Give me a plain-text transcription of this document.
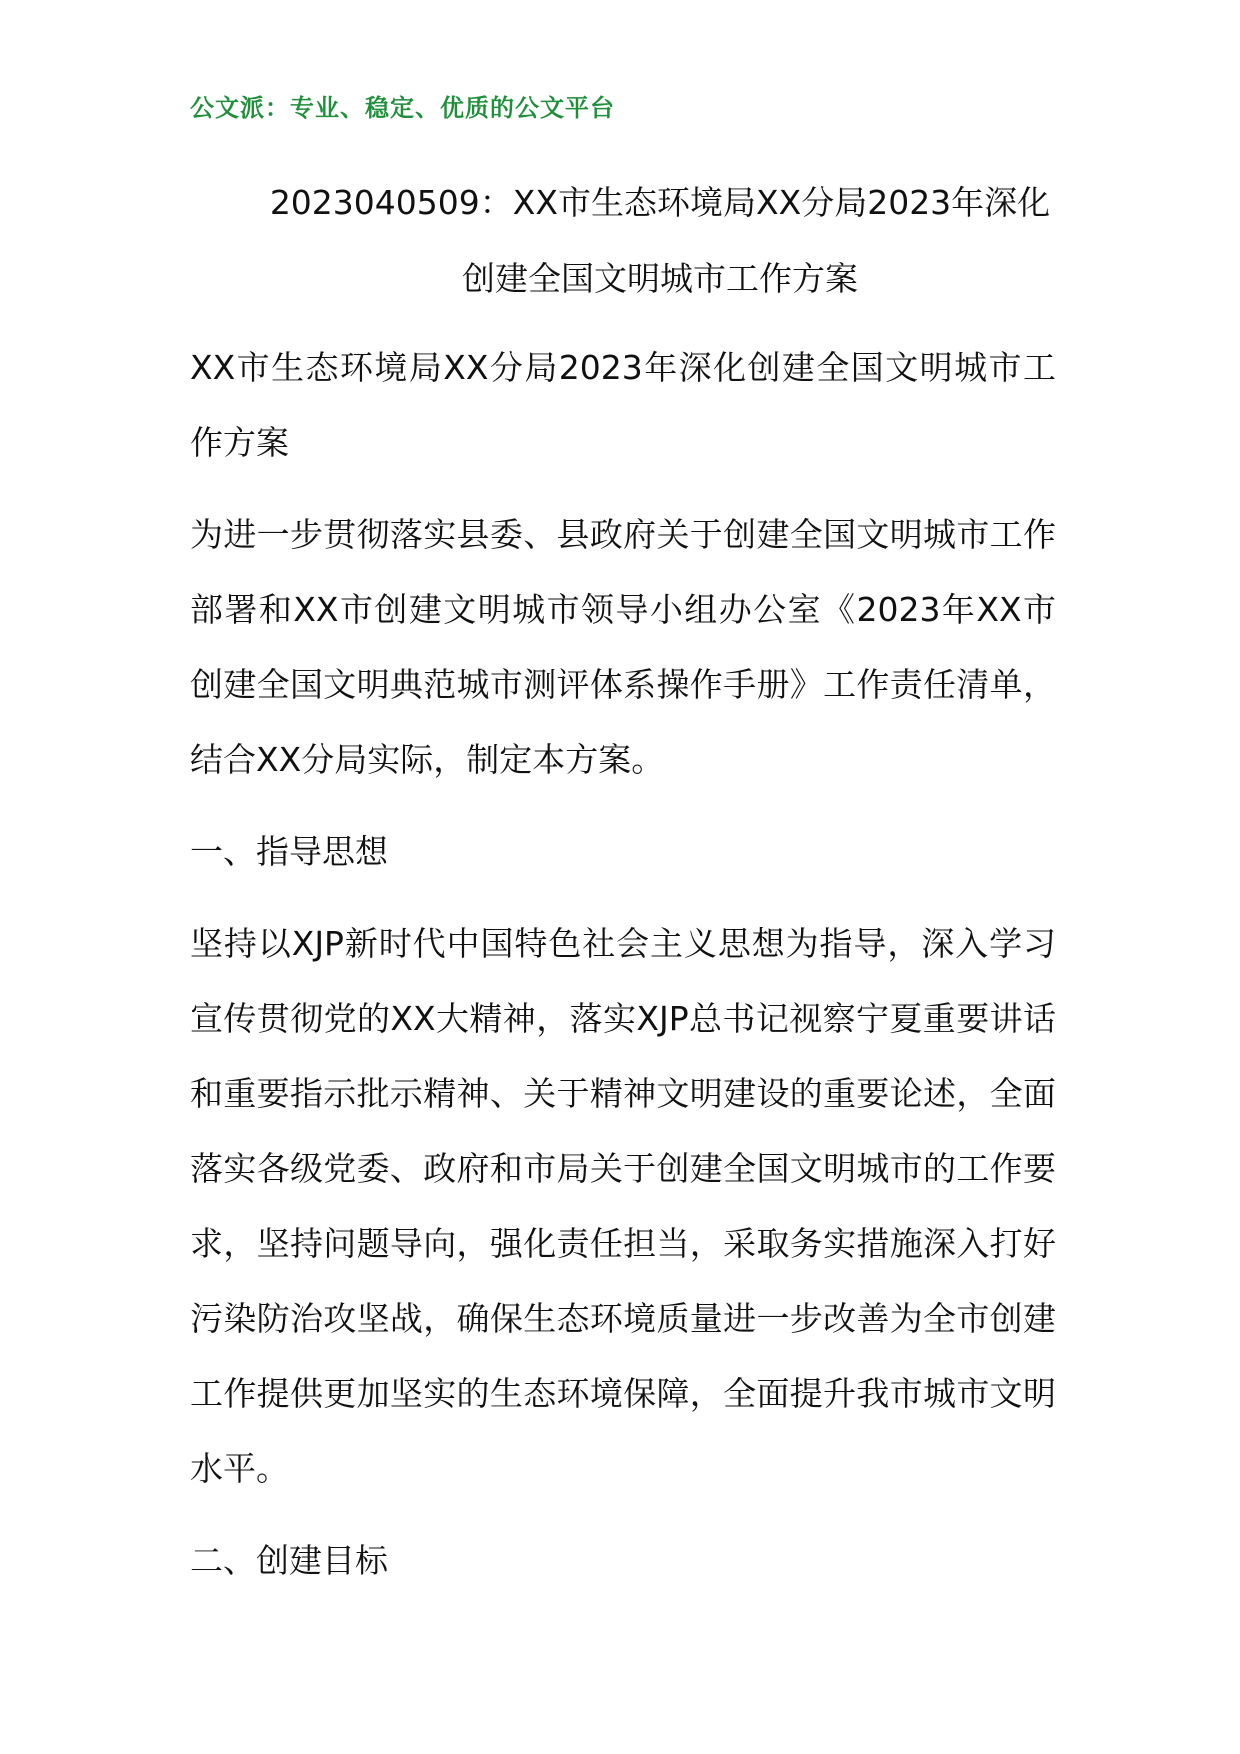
公文派：专业、稳定、优质的公文平台
2023040509：XX市生态环境局XX分局2023年深化创建全国文明城市工作方案

XX市生态环境局XX分局2023年深化创建全国文明城市工作方案

为进一步贯彻落实县委、县政府关于创建全国文明城市工作部署和XX市创建文明城市领导小组办公室《2023年XX市创建全国文明典范城市测评体系操作手册》工作责任清单，结合XX分局实际，制定本方案。

一、指导思想

坚持以XJP新时代中国特色社会主义思想为指导，深入学习宣传贯彻党的XX大精神，落实XJP总书记视察宁夏重要讲话和重要指示批示精神、关于精神文明建设的重要论述，全面落实各级党委、政府和市局关于创建全国文明城市的工作要求，坚持问题导向，强化责任担当，采取务实措施深入打好污染防治攻坚战，确保生态环境质量进一步改善为全市创建工作提供更加坚实的生态环境保障，全面提升我市城市文明水平。

二、创建目标
